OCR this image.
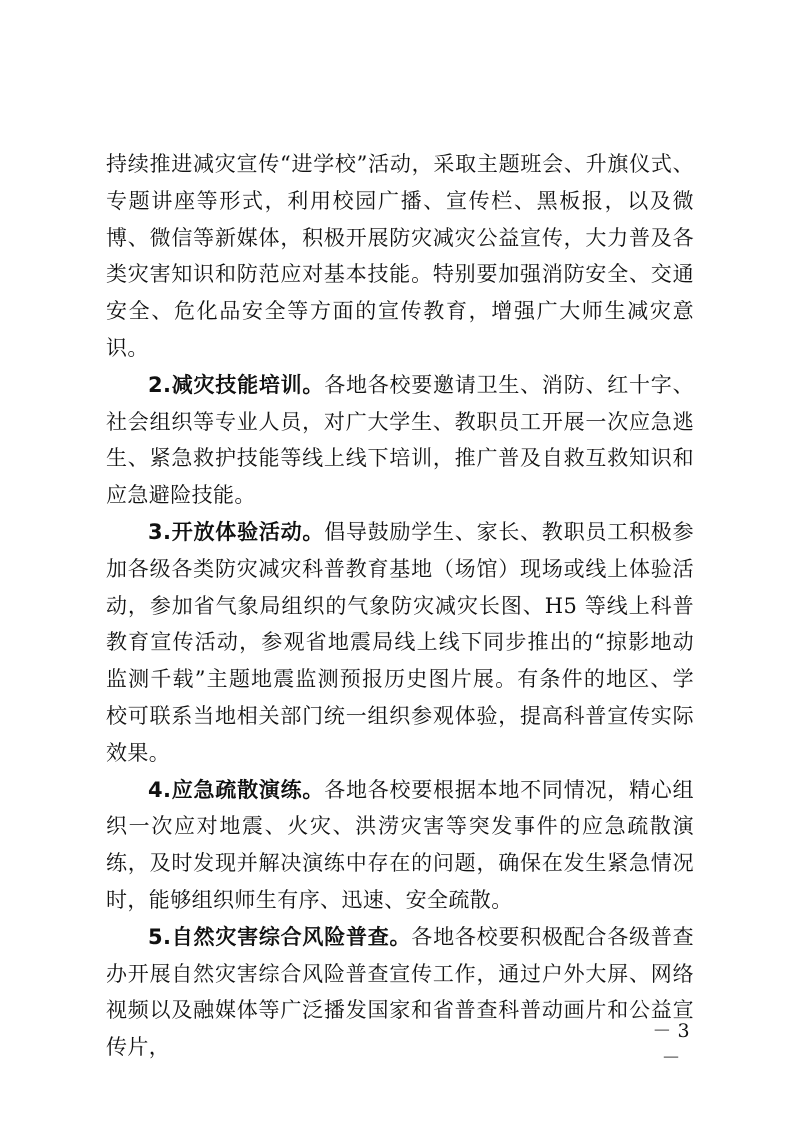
持续推进减灾宣传“进学校”活动，采取主题班会、升旗仪式、专题讲座等形式，利用校园广播、宣传栏、黑板报，以及微博、微信等新媒体，积极开展防灾减灾公益宣传，大力普及各类灾害知识和防范应对基本技能。特别要加强消防安全、交通安全、危化品安全等方面的宣传教育，增强广大师生减灾意识。

2.减灾技能培训。各地各校要邀请卫生、消防、红十字、社会组织等专业人员，对广大学生、教职员工开展一次应急逃生、紧急救护技能等线上线下培训，推广普及自救互救知识和应急避险技能。

3.开放体验活动。倡导鼓励学生、家长、教职员工积极参加各级各类防灾减灾科普教育基地（场馆）现场或线上体验活动，参加省气象局组织的气象防灾减灾长图、H5 等线上科普教育宣传活动，参观省地震局线上线下同步推出的“掠影地动 监测千载”主题地震监测预报历史图片展。有条件的地区、学校可联系当地相关部门统一组织参观体验，提高科普宣传实际效果。

4.应急疏散演练。各地各校要根据本地不同情况，精心组织一次应对地震、火灾、洪涝灾害等突发事件的应急疏散演练，及时发现并解决演练中存在的问题，确保在发生紧急情况时，能够组织师生有序、迅速、安全疏散。

5.自然灾害综合风险普查。各地各校要积极配合各级普查办开展自然灾害综合风险普查宣传工作，通过户外大屏、网络视频以及融媒体等广泛播发国家和省普查科普动画片和公益宣传片，

－ 3 －
